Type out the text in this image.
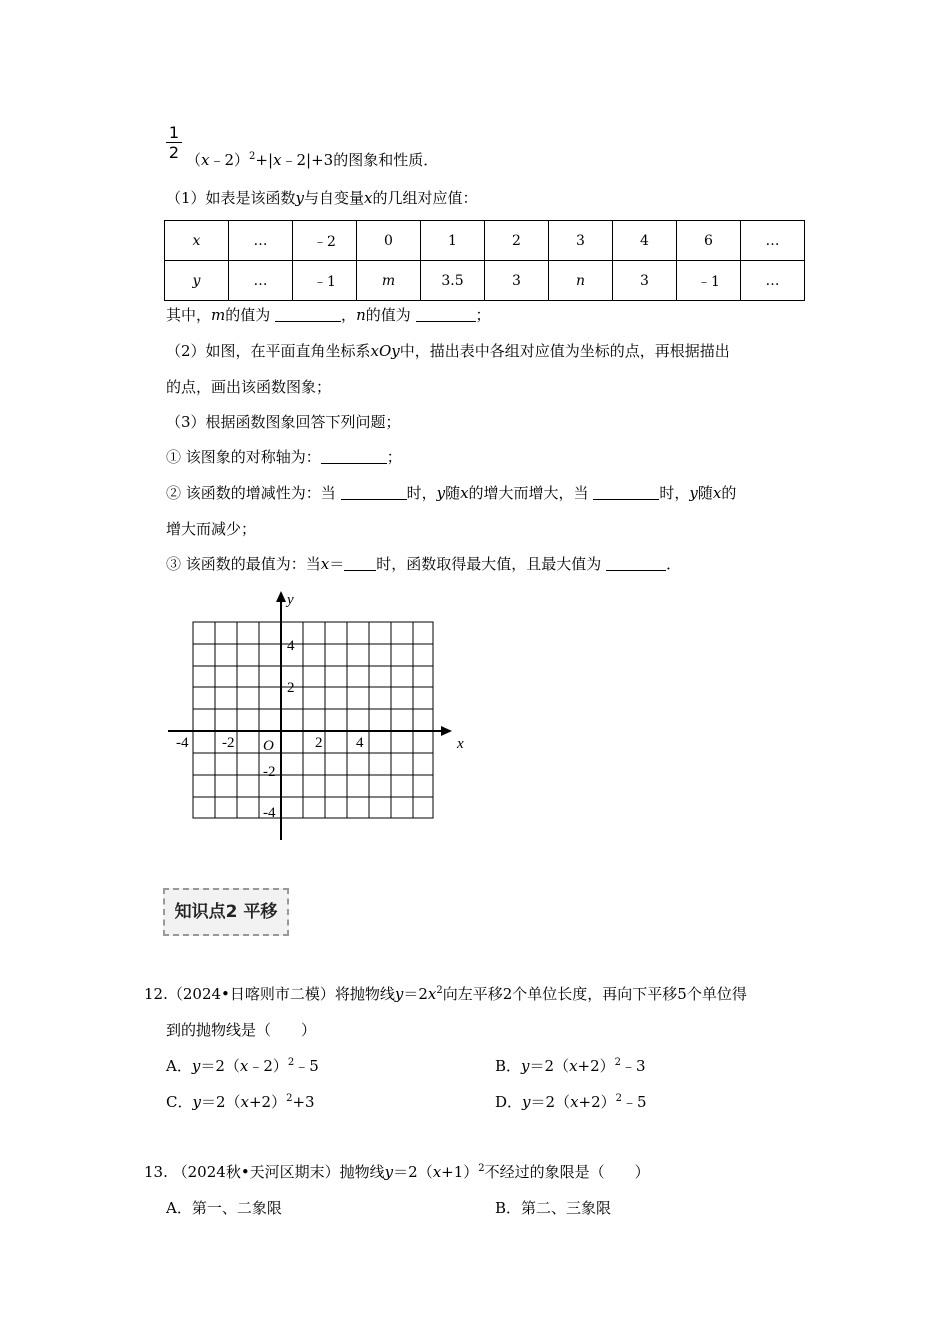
1
2 （x﹣2）$^2$+|x﹣2|+3的图象和性质．
（1）如表是该函数y与自变量x的几组对应值：
x	…	﹣2	0	1	2	3	4	6	…
y	…	﹣1	m	3.5	3	n	3	﹣1	…
其中，m的值为	，n的值为	；
（2）如图，在平面直角坐标系xOy中，描出表中各组对应值为坐标的点，再根据描出
的点，画出该函数图象；
（3）根据函数图象回答下列问题；
① 该图象的对称轴为：	；
② 该函数的增减性为：当	时，y随x的增大而增大，当	时，y随x的
增大而减少；
③ 该函数的最值为：当x＝ 时，函数取得最大值，且最大值为	．
x
y
O
-4 -2	2 4
4
2
-2
-4
知识点2 平移
12.（2024•日喀则市二模）将抛物线$y=2x^2$向左平移2个单位长度，再向下平移5个单位得
到的抛物线是（　　）
A．y＝2（x﹣2）$^2$﹣5	B．$y=2(x+2)^2﹣3$
C．$y=2(x+2)^2+3$	D．$y=2(x+2)^2﹣5$
13. （2024秋•天河区期末）抛物线$y=2(x+1)^2$不经过的象限是（　　）
A．第一、二象限	B．第二、三象限
